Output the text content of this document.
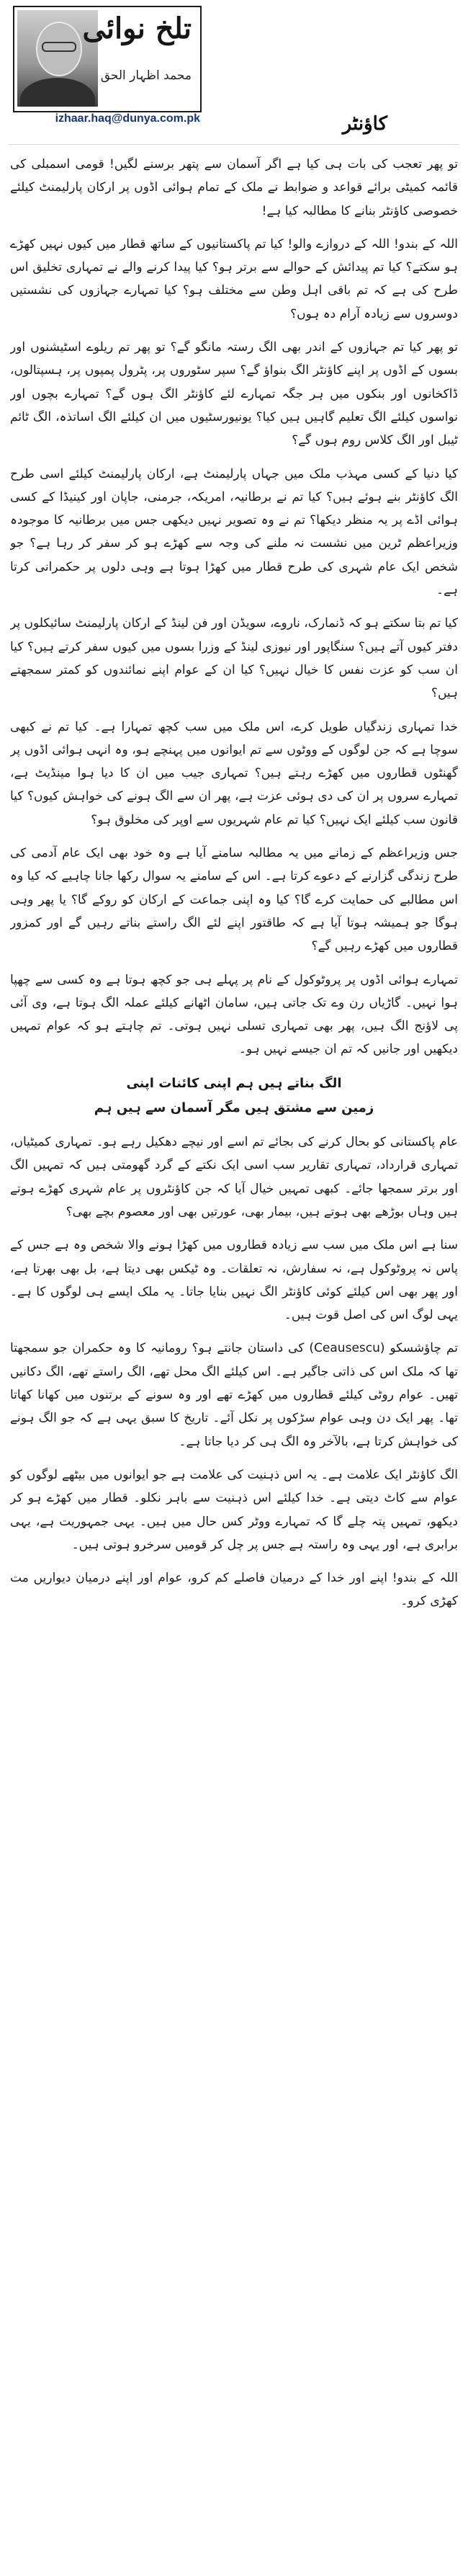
تلخ نوائی
محمد اظہار الحق
izhaar.haq@dunya.com.pk	کاؤنٹر

تو پھر تعجب کی بات ہی کیا ہے اگر آسمان سے پتھر برسنے لگیں! قومی اسمبلی کی قائمہ کمیٹی برائے قواعد و ضوابط نے ملک کے تمام ہوائی اڈوں پر ارکان پارلیمنٹ کیلئے خصوصی کاؤنٹر بنانے کا مطالبہ کیا ہے!

اللہ کے بندو! اللہ کے دروازے والو! کیا تم پاکستانیوں کے ساتھ قطار میں کیوں نہیں کھڑے ہو سکتے؟ کیا تم پیدائش کے حوالے سے برتر ہو؟ کیا پیدا کرنے والے نے تمہاری تخلیق اس طرح کی ہے کہ تم باقی اہل وطن سے مختلف ہو؟ کیا تمہارے جہازوں کی نشستیں دوسروں سے زیادہ آرام دہ ہوں؟

تو پھر کیا تم جہازوں کے اندر بھی الگ رستہ مانگو گے؟ تو پھر تم ریلوے اسٹیشنوں اور بسوں کے اڈوں پر اپنے کاؤنٹر الگ بنواؤ گے؟ سپر سٹوروں پر، پٹرول پمپوں پر، ہسپتالوں، ڈاکخانوں اور بنکوں میں ہر جگہ تمہارے لئے کاؤنٹر الگ ہوں گے؟ تمہارے بچوں اور نواسوں کیلئے الگ تعلیم گاہیں ہیں کیا؟ یونیورسٹیوں میں ان کیلئے الگ اساتذہ، الگ ٹائم ٹیبل اور الگ کلاس روم ہوں گے؟

کیا دنیا کے کسی مہذب ملک میں جہاں پارلیمنٹ ہے، ارکان پارلیمنٹ کیلئے اسی طرح الگ کاؤنٹر بنے ہوئے ہیں؟ کیا تم نے برطانیہ، امریکہ، جرمنی، جاپان اور کینیڈا کے کسی ہوائی اڈے پر یہ منظر دیکھا؟ تم نے وہ تصویر نہیں دیکھی جس میں برطانیہ کا موجودہ وزیراعظم ٹرین میں نشست نہ ملنے کی وجہ سے کھڑے ہو کر سفر کر رہا ہے؟ جو شخص ایک عام شہری کی طرح قطار میں کھڑا ہوتا ہے وہی دلوں پر حکمرانی کرتا ہے۔

کیا تم بتا سکتے ہو کہ ڈنمارک، ناروے، سویڈن اور فن لینڈ کے ارکان پارلیمنٹ سائیکلوں پر دفتر کیوں آتے ہیں؟ سنگاپور اور نیوزی لینڈ کے وزرا بسوں میں کیوں سفر کرتے ہیں؟ کیا ان سب کو عزت نفس کا خیال نہیں؟ کیا ان کے عوام اپنے نمائندوں کو کمتر سمجھتے ہیں؟

خدا تمہاری زندگیاں طویل کرے، اس ملک میں سب کچھ تمہارا ہے۔ کیا تم نے کبھی سوچا ہے کہ جن لوگوں کے ووٹوں سے تم ایوانوں میں پہنچے ہو، وہ انہی ہوائی اڈوں پر گھنٹوں قطاروں میں کھڑے رہتے ہیں؟ تمہاری جیب میں ان کا دیا ہوا مینڈیٹ ہے، تمہارے سروں پر ان کی دی ہوئی عزت ہے، پھر ان سے الگ ہونے کی خواہش کیوں؟ کیا قانون سب کیلئے ایک نہیں؟ کیا تم عام شہریوں سے اوپر کی مخلوق ہو؟

جس وزیراعظم کے زمانے میں یہ مطالبہ سامنے آیا ہے وہ خود بھی ایک عام آدمی کی طرح زندگی گزارنے کے دعوے کرتا ہے۔ اس کے سامنے یہ سوال رکھا جانا چاہیے کہ کیا وہ اس مطالبے کی حمایت کرے گا؟ کیا وہ اپنی جماعت کے ارکان کو روکے گا؟ یا پھر وہی ہوگا جو ہمیشہ ہوتا آیا ہے کہ طاقتور اپنے لئے الگ راستے بناتے رہیں گے اور کمزور قطاروں میں کھڑے رہیں گے؟

تمہارے ہوائی اڈوں پر پروٹوکول کے نام پر پہلے ہی جو کچھ ہوتا ہے وہ کسی سے چھپا ہوا نہیں۔ گاڑیاں رن وے تک جاتی ہیں، سامان اٹھانے کیلئے عملہ الگ ہوتا ہے، وی آئی پی لاؤنج الگ ہیں، پھر بھی تمہاری تسلی نہیں ہوتی۔ تم چاہتے ہو کہ عوام تمہیں دیکھیں اور جانیں کہ تم ان جیسے نہیں ہو۔

الگ بناتے ہیں ہم اپنی کائنات اپنی
زمین سے مشتق ہیں مگر آسمان سے ہیں ہم

عام پاکستانی کو بحال کرنے کی بجائے تم اسے اور نیچے دھکیل رہے ہو۔ تمہاری کمیٹیاں، تمہاری قرارداد، تمہاری تقاریر سب اسی ایک نکتے کے گرد گھومتی ہیں کہ تمہیں الگ اور برتر سمجھا جائے۔ کبھی تمہیں خیال آیا کہ جن کاؤنٹروں پر عام شہری کھڑے ہوتے ہیں وہاں بوڑھے بھی ہوتے ہیں، بیمار بھی، عورتیں بھی اور معصوم بچے بھی؟

سنا ہے اس ملک میں سب سے زیادہ قطاروں میں کھڑا ہونے والا شخص وہ ہے جس کے پاس نہ پروٹوکول ہے، نہ سفارش، نہ تعلقات۔ وہ ٹیکس بھی دیتا ہے، بل بھی بھرتا ہے، اور پھر بھی اس کیلئے کوئی کاؤنٹر الگ نہیں بنایا جاتا۔ یہ ملک ایسے ہی لوگوں کا ہے۔ یہی لوگ اس کی اصل قوت ہیں۔

تم چاؤشسکو (Ceausescu) کی داستان جانتے ہو؟ رومانیہ کا وہ حکمران جو سمجھتا تھا کہ ملک اس کی ذاتی جاگیر ہے۔ اس کیلئے الگ محل تھے، الگ راستے تھے، الگ دکانیں تھیں۔ عوام روٹی کیلئے قطاروں میں کھڑے تھے اور وہ سونے کے برتنوں میں کھانا کھاتا تھا۔ پھر ایک دن وہی عوام سڑکوں پر نکل آئے۔ تاریخ کا سبق یہی ہے کہ جو الگ ہونے کی خواہش کرتا ہے، بالآخر وہ الگ ہی کر دیا جاتا ہے۔

الگ کاؤنٹر ایک علامت ہے۔ یہ اس ذہنیت کی علامت ہے جو ایوانوں میں بیٹھے لوگوں کو عوام سے کاٹ دیتی ہے۔ خدا کیلئے اس ذہنیت سے باہر نکلو۔ قطار میں کھڑے ہو کر دیکھو، تمہیں پتہ چلے گا کہ تمہارے ووٹر کس حال میں ہیں۔ یہی جمہوریت ہے، یہی برابری ہے، اور یہی وہ راستہ ہے جس پر چل کر قومیں سرخرو ہوتی ہیں۔

اللہ کے بندو! اپنے اور خدا کے درمیان فاصلے کم کرو، عوام اور اپنے درمیان دیواریں مت کھڑی کرو۔
